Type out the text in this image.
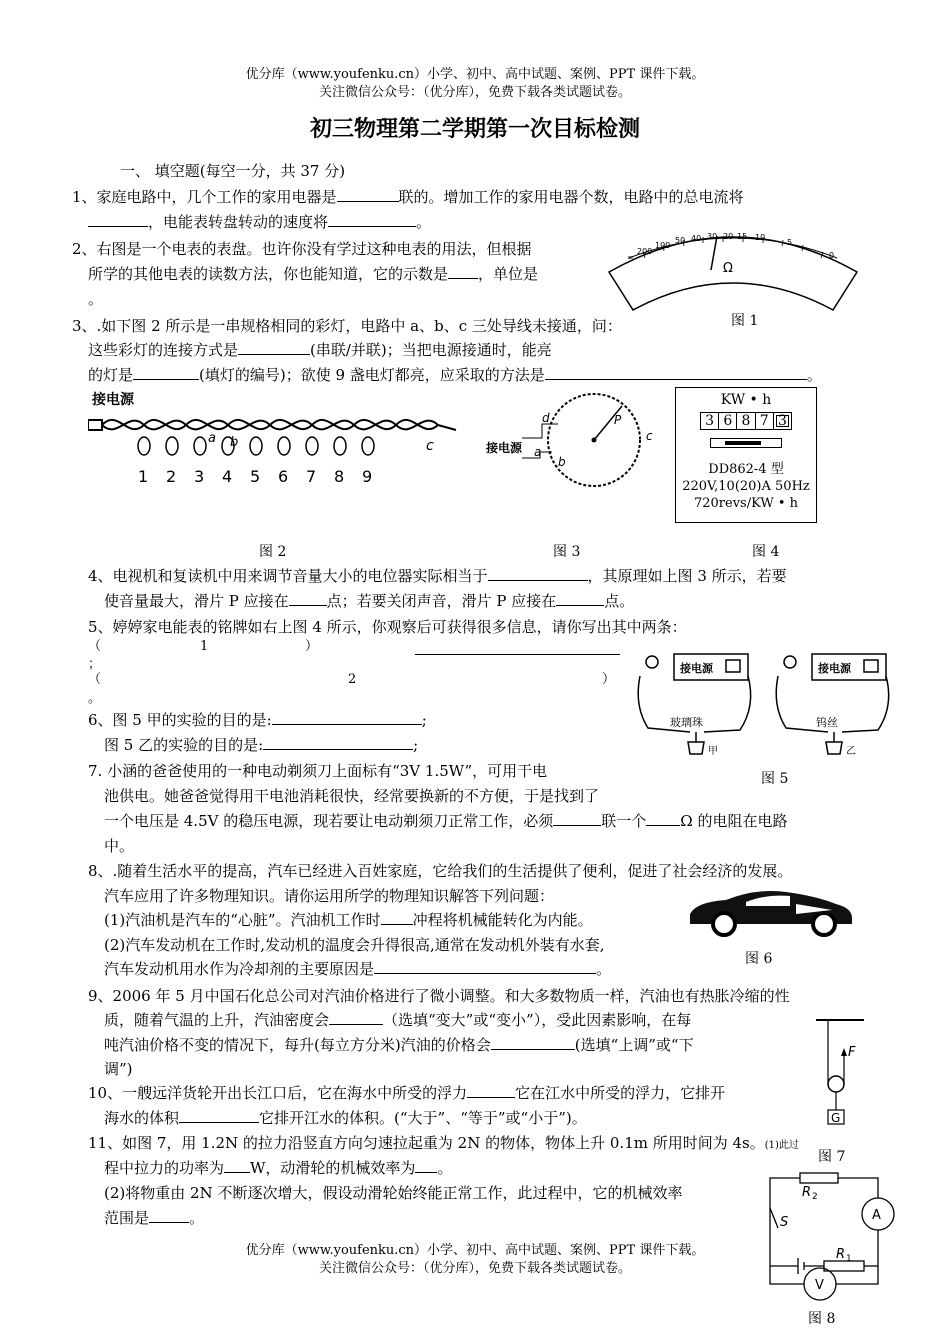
优分库（www.youfenku.cn）小学、初中、高中试题、案例、PPT 课件下载。
关注微信公众号：（优分库），免费下载各类试题试卷。
初三物理第二学期第一次目标检测
一、 填空题(每空一分，共 37 分)
1、家庭电路中，几个工作的家用电器是	联的。增加工作的家用电器个数，电路中的总电流将
，电能表转盘转动的速度将	。
2、右图是一个电表的表盘。也许你没有学过这种电表的用法，但根据
所学的其他电表的读数方法，你也能知道，它的示数是 ，单位是
。
∞
200
100
50 40 30 20 15 10
5
0
Ω
图 1
3、.如下图 2 所示是一串规格相同的彩灯，电路中 a、b、c 三处导线未接通，问：
这些彩灯的连接方式是	(串联/并联)；当把电源接通时，能亮
的灯是	(填灯的编号)；欲使 9 盏电灯都亮，应采取的方法是	。
接电源
a b	c
1 2 3 4 5 6 7 8 9
接电源
d
a
b
c
P
KW • h
3 6 8 7 3
DD862-4 型
220V,10(20)A 50Hz
720revs/KW • h
图 2	图 3	图 4
4、电视机和复读机中用来调节音量大小的电位器实际相当于	，其原理如上图 3 所示，若要
使音量最大，滑片 P 应接在	点；若要关闭声音，滑片 P 应接在	点。
5、婷婷家电能表的铭牌如右上图 4 所示，你观察后可获得很多信息，请你写出其中两条：
（	1	）
；
（	2	）
。
接电源
玻璃珠
甲
接电源
钨丝
乙
图 5
6、图 5 甲的实验的目的是:	;
图 5 乙的实验的目的是:	;
7. 小涵的爸爸使用的一种电动剃须刀上面标有“3V 1.5W”，可用干电
池供电。她爸爸觉得用干电池消耗很快，经常要换新的不方便，于是找到了
一个电压是 4.5V 的稳压电源，现若要让电动剃须刀正常工作，必须	联一个 Ω 的电阻在电路
中。
8、.随着生活水平的提高，汽车已经进入百姓家庭，它给我们的生活提供了便利，促进了社会经济的发展。
汽车应用了许多物理知识。请你运用所学的物理知识解答下列问题：
(1)汽油机是汽车的“心脏”。汽油机工作时 冲程将机械能转化为内能。
(2)汽车发动机在工作时,发动机的温度会升得很高,通常在发动机外装有水套,
汽车发动机用水作为冷却剂的主要原因是	。
图 6
9、2006 年 5 月中国石化总公司对汽油价格进行了微小调整。和大多数物质一样，汽油也有热胀冷缩的性
质，随着气温的上升，汽油密度会	（选填“变大”或“变小”），受此因素影响，在每
吨汽油价格不变的情况下，每升(每立方分米)汽油的价格会	(选填“上调”或“下
调”)
G
F
10、一艘远洋货轮开出长江口后，它在海水中所受的浮力	它在江水中所受的浮力，它排开
海水的体积	它排开江水的体积。(“大于”、“等于”或“小于”)。
11、如图 7，用 1.2N 的拉力沿竖直方向匀速拉起重为 2N 的物体，物体上升 0.1m 所用时间为 4s。(1)此过
图 7
程中拉力的功率为 W，动滑轮的机械效率为 。
(2)将物重由 2N 不断逐次增大，假设动滑轮始终能正常工作，此过程中，它的机械效率
范围是	。
R 2
S	A
R 1
V
图 8
优分库（www.youfenku.cn）小学、初中、高中试题、案例、PPT 课件下载。
关注微信公众号：（优分库），免费下载各类试题试卷。
